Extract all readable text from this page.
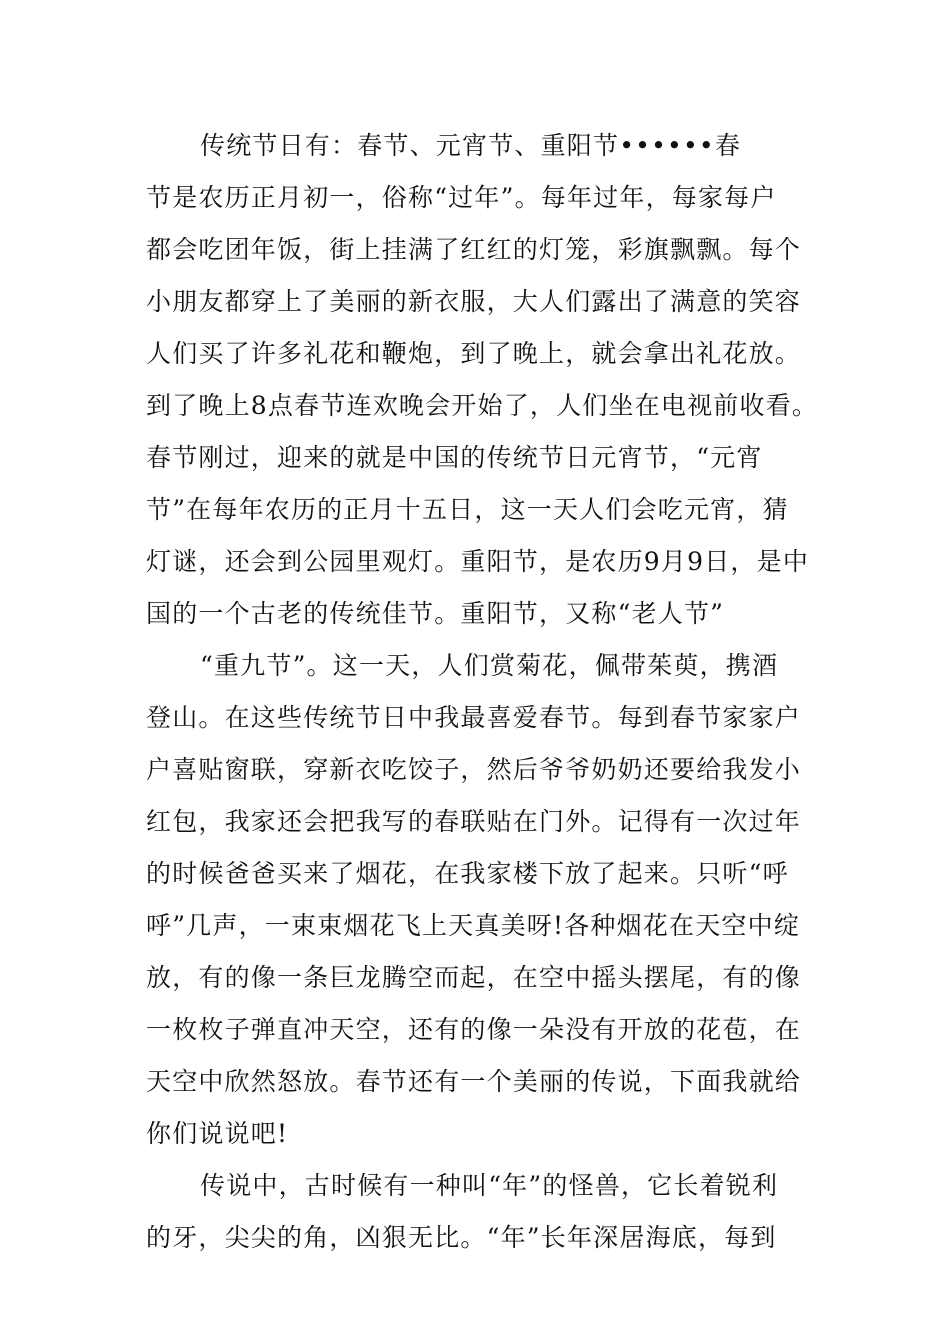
传统节日有：春节、元宵节、重阳节••••••春
节是农历正月初一，俗称“过年”。每年过年，每家每户
都会吃团年饭，街上挂满了红红的灯笼，彩旗飘飘。每个
小朋友都穿上了美丽的新衣服，大人们露出了满意的笑容
人们买了许多礼花和鞭炮，到了晚上，就会拿出礼花放。
到了晚上8点春节连欢晚会开始了，人们坐在电视前收看。
春节刚过，迎来的就是中国的传统节日元宵节，“元宵
节”在每年农历的正月十五日，这一天人们会吃元宵，猜
灯谜，还会到公园里观灯。重阳节，是农历9月9日，是中
国的一个古老的传统佳节。重阳节，又称“老人节”
“重九节”。这一天，人们赏菊花，佩带茱萸，携酒
登山。在这些传统节日中我最喜爱春节。每到春节家家户
户喜贴窗联，穿新衣吃饺子，然后爷爷奶奶还要给我发小
红包，我家还会把我写的春联贴在门外。记得有一次过年
的时候爸爸买来了烟花，在我家楼下放了起来。只听“呼
呼”几声，一束束烟花飞上天真美呀!各种烟花在天空中绽
放，有的像一条巨龙腾空而起，在空中摇头摆尾，有的像
一枚枚子弹直冲天空，还有的像一朵没有开放的花苞，在
天空中欣然怒放。春节还有一个美丽的传说，下面我就给
你们说说吧!
传说中，古时候有一种叫“年”的怪兽，它长着锐利
的牙，尖尖的角，凶狠无比。“年”长年深居海底，每到
